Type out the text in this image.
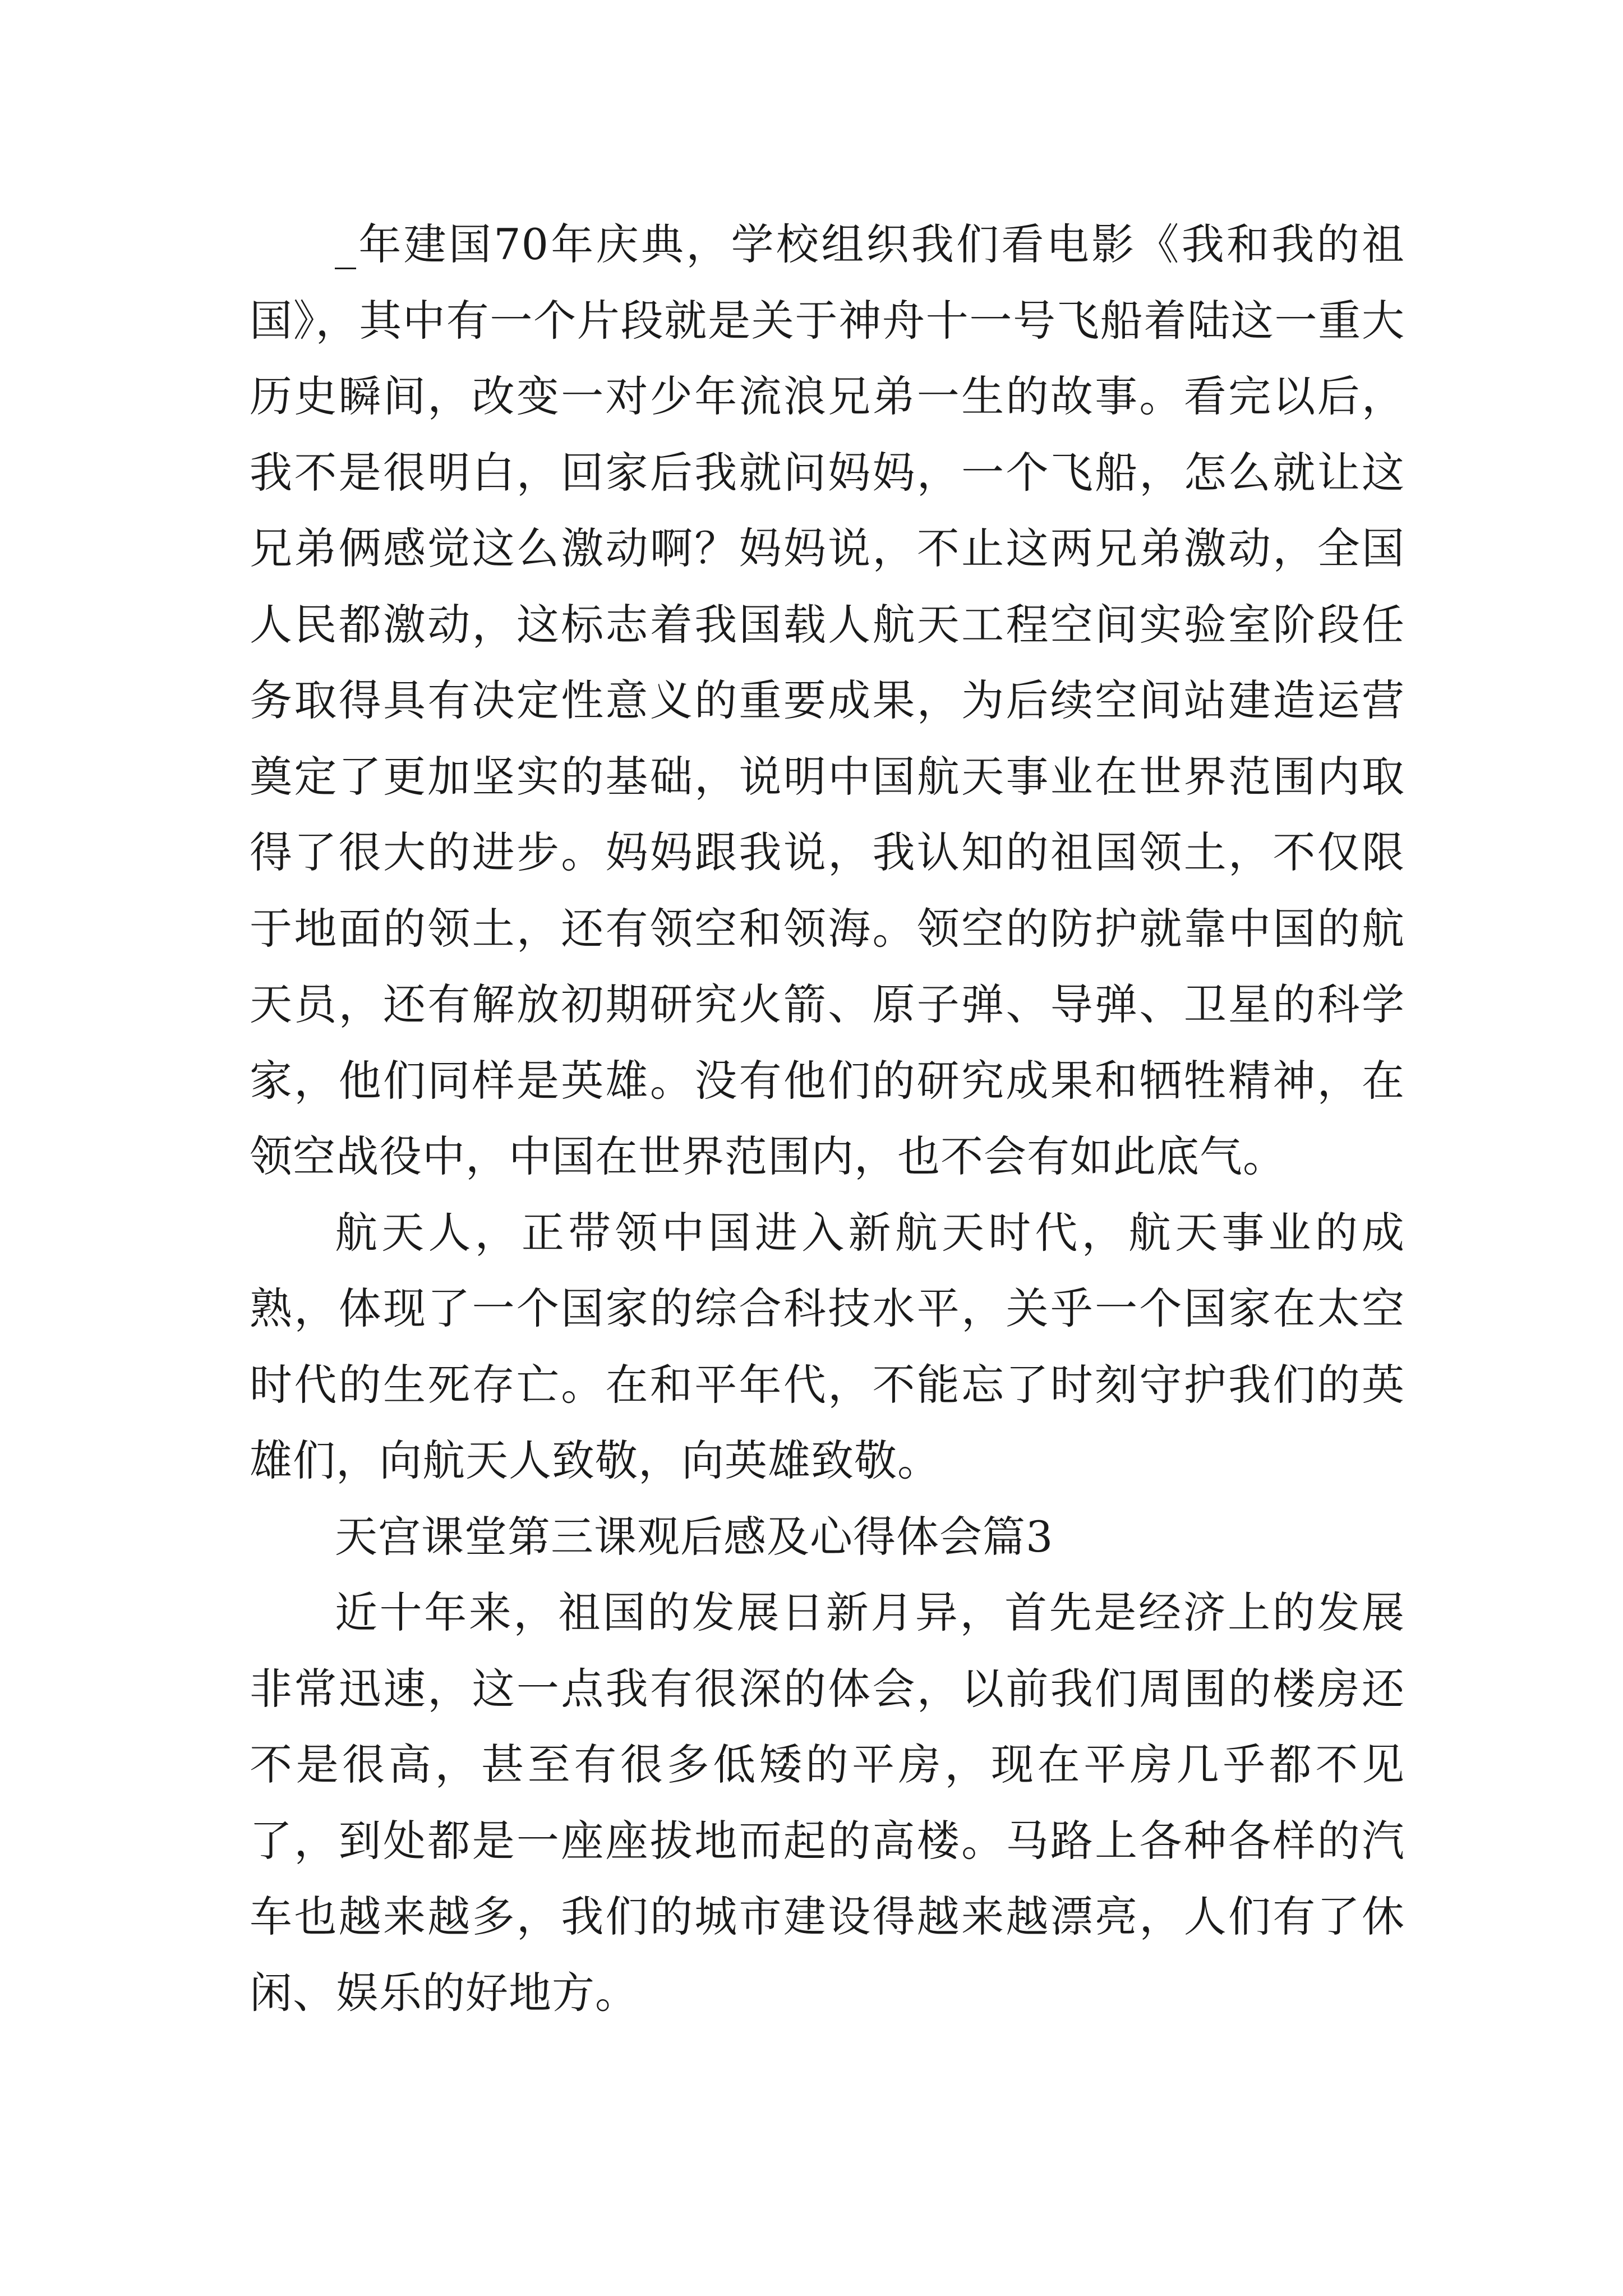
_年建国70年庆典，学校组织我们看电影《我和我的祖国》，其中有一个片段就是关于神舟十一号飞船着陆这一重大历史瞬间，改变一对少年流浪兄弟一生的故事。看完以后，我不是很明白，回家后我就问妈妈，一个飞船，怎么就让这兄弟俩感觉这么激动啊？妈妈说，不止这两兄弟激动，全国人民都激动，这标志着我国载人航天工程空间实验室阶段任务取得具有决定性意义的重要成果，为后续空间站建造运营奠定了更加坚实的基础，说明中国航天事业在世界范围内取得了很大的进步。妈妈跟我说，我认知的祖国领土，不仅限于地面的领土，还有领空和领海。领空的防护就靠中国的航天员，还有解放初期研究火箭、原子弹、导弹、卫星的科学家，他们同样是英雄。没有他们的研究成果和牺牲精神，在领空战役中，中国在世界范围内，也不会有如此底气。

航天人，正带领中国进入新航天时代，航天事业的成熟，体现了一个国家的综合科技水平，关乎一个国家在太空时代的生死存亡。在和平年代，不能忘了时刻守护我们的英雄们，向航天人致敬，向英雄致敬。

天宫课堂第三课观后感及心得体会篇3

近十年来，祖国的发展日新月异，首先是经济上的发展非常迅速，这一点我有很深的体会，以前我们周围的楼房还不是很高，甚至有很多低矮的平房，现在平房几乎都不见了，到处都是一座座拔地而起的高楼。马路上各种各样的汽车也越来越多，我们的城市建设得越来越漂亮，人们有了休闲、娱乐的好地方。
